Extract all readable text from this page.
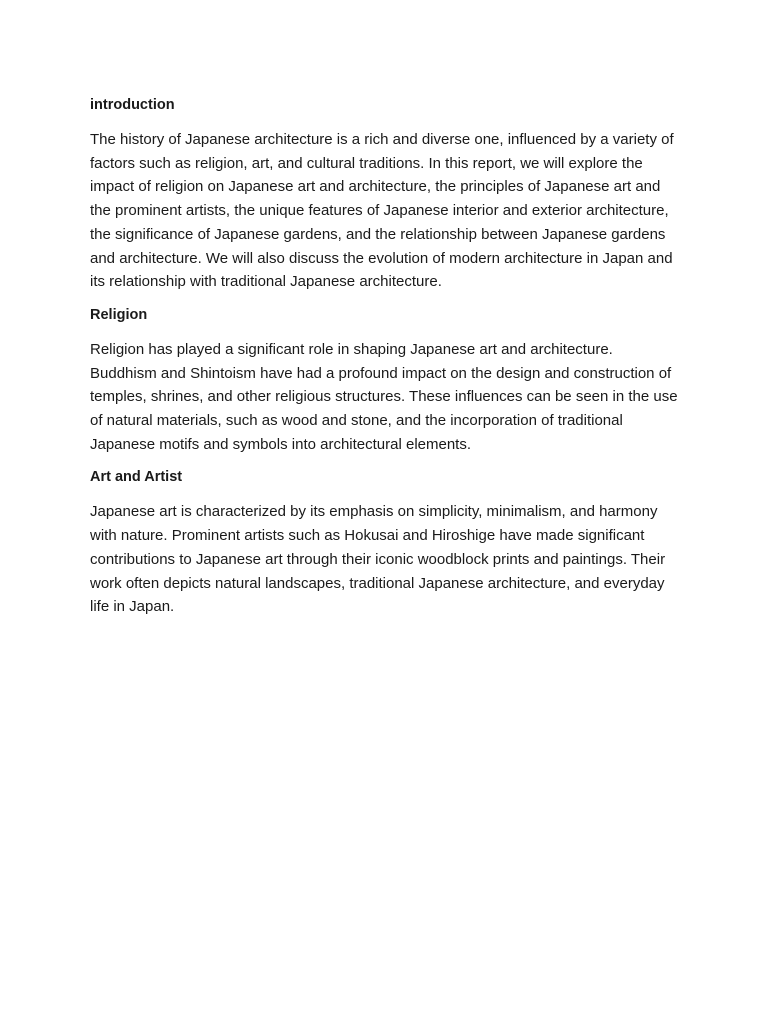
introduction

The history of Japanese architecture is a rich and diverse one, influenced by a variety of factors such as religion, art, and cultural traditions. In this report, we will explore the impact of religion on Japanese art and architecture, the principles of Japanese art and the prominent artists, the unique features of Japanese interior and exterior architecture, the significance of Japanese gardens, and the relationship between Japanese gardens and architecture. We will also discuss the evolution of modern architecture in Japan and its relationship with traditional Japanese architecture.

Religion

Religion has played a significant role in shaping Japanese art and architecture. Buddhism and Shintoism have had a profound impact on the design and construction of temples, shrines, and other religious structures. These influences can be seen in the use of natural materials, such as wood and stone, and the incorporation of traditional Japanese motifs and symbols into architectural elements.

Art and Artist

Japanese art is characterized by its emphasis on simplicity, minimalism, and harmony with nature. Prominent artists such as Hokusai and Hiroshige have made significant contributions to Japanese art through their iconic woodblock prints and paintings. Their work often depicts natural landscapes, traditional Japanese architecture, and everyday life in Japan.
